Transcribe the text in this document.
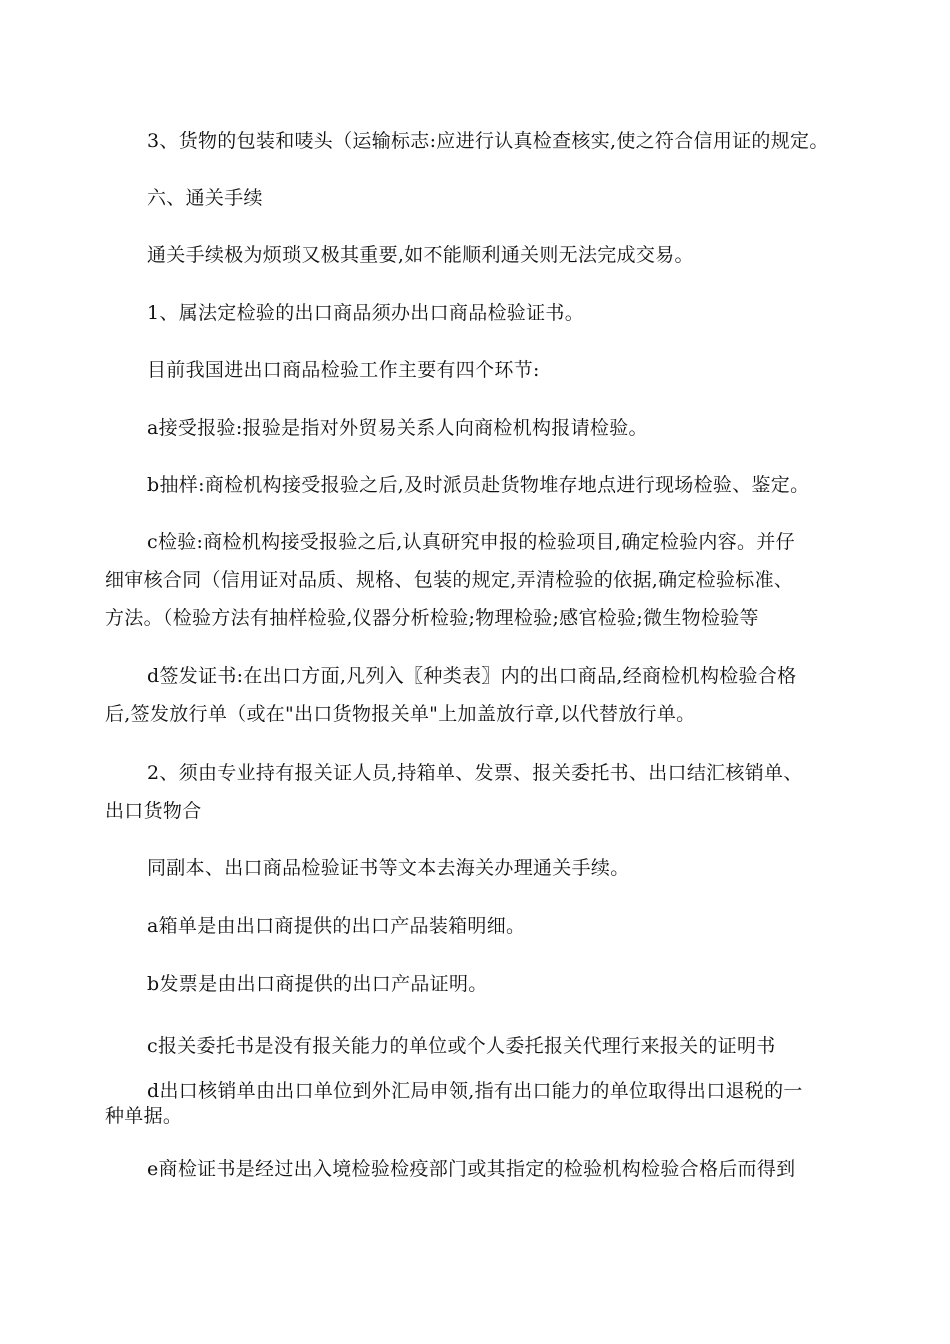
3、货物的包装和唛头（运输标志:应进行认真检查核实,使之符合信用证的规定。

六、通关手续

通关手续极为烦琐又极其重要,如不能顺利通关则无法完成交易。

1、属法定检验的出口商品须办出口商品检验证书。

目前我国进出口商品检验工作主要有四个环节:

a接受报验:报验是指对外贸易关系人向商检机构报请检验。

b抽样:商检机构接受报验之后,及时派员赴货物堆存地点进行现场检验、鉴定。

c检验:商检机构接受报验之后,认真研究申报的检验项目,确定检验内容。并仔

细审核合同（信用证对品质、规格、包装的规定,弄清检验的依据,确定检验标准、

方法。（检验方法有抽样检验,仪器分析检验;物理检验;感官检验;微生物检验等

d签发证书:在出口方面,凡列入〖种类表〗内的出口商品,经商检机构检验合格

后,签发放行单（或在"出口货物报关单"上加盖放行章,以代替放行单。

2、须由专业持有报关证人员,持箱单、发票、报关委托书、出口结汇核销单、

出口货物合

同副本、出口商品检验证书等文本去海关办理通关手续。

a箱单是由出口商提供的出口产品装箱明细。

b发票是由出口商提供的出口产品证明。

c报关委托书是没有报关能力的单位或个人委托报关代理行来报关的证明书

d出口核销单由出口单位到外汇局申领,指有出口能力的单位取得出口退税的一

种单据。

e商检证书是经过出入境检验检疫部门或其指定的检验机构检验合格后而得到
